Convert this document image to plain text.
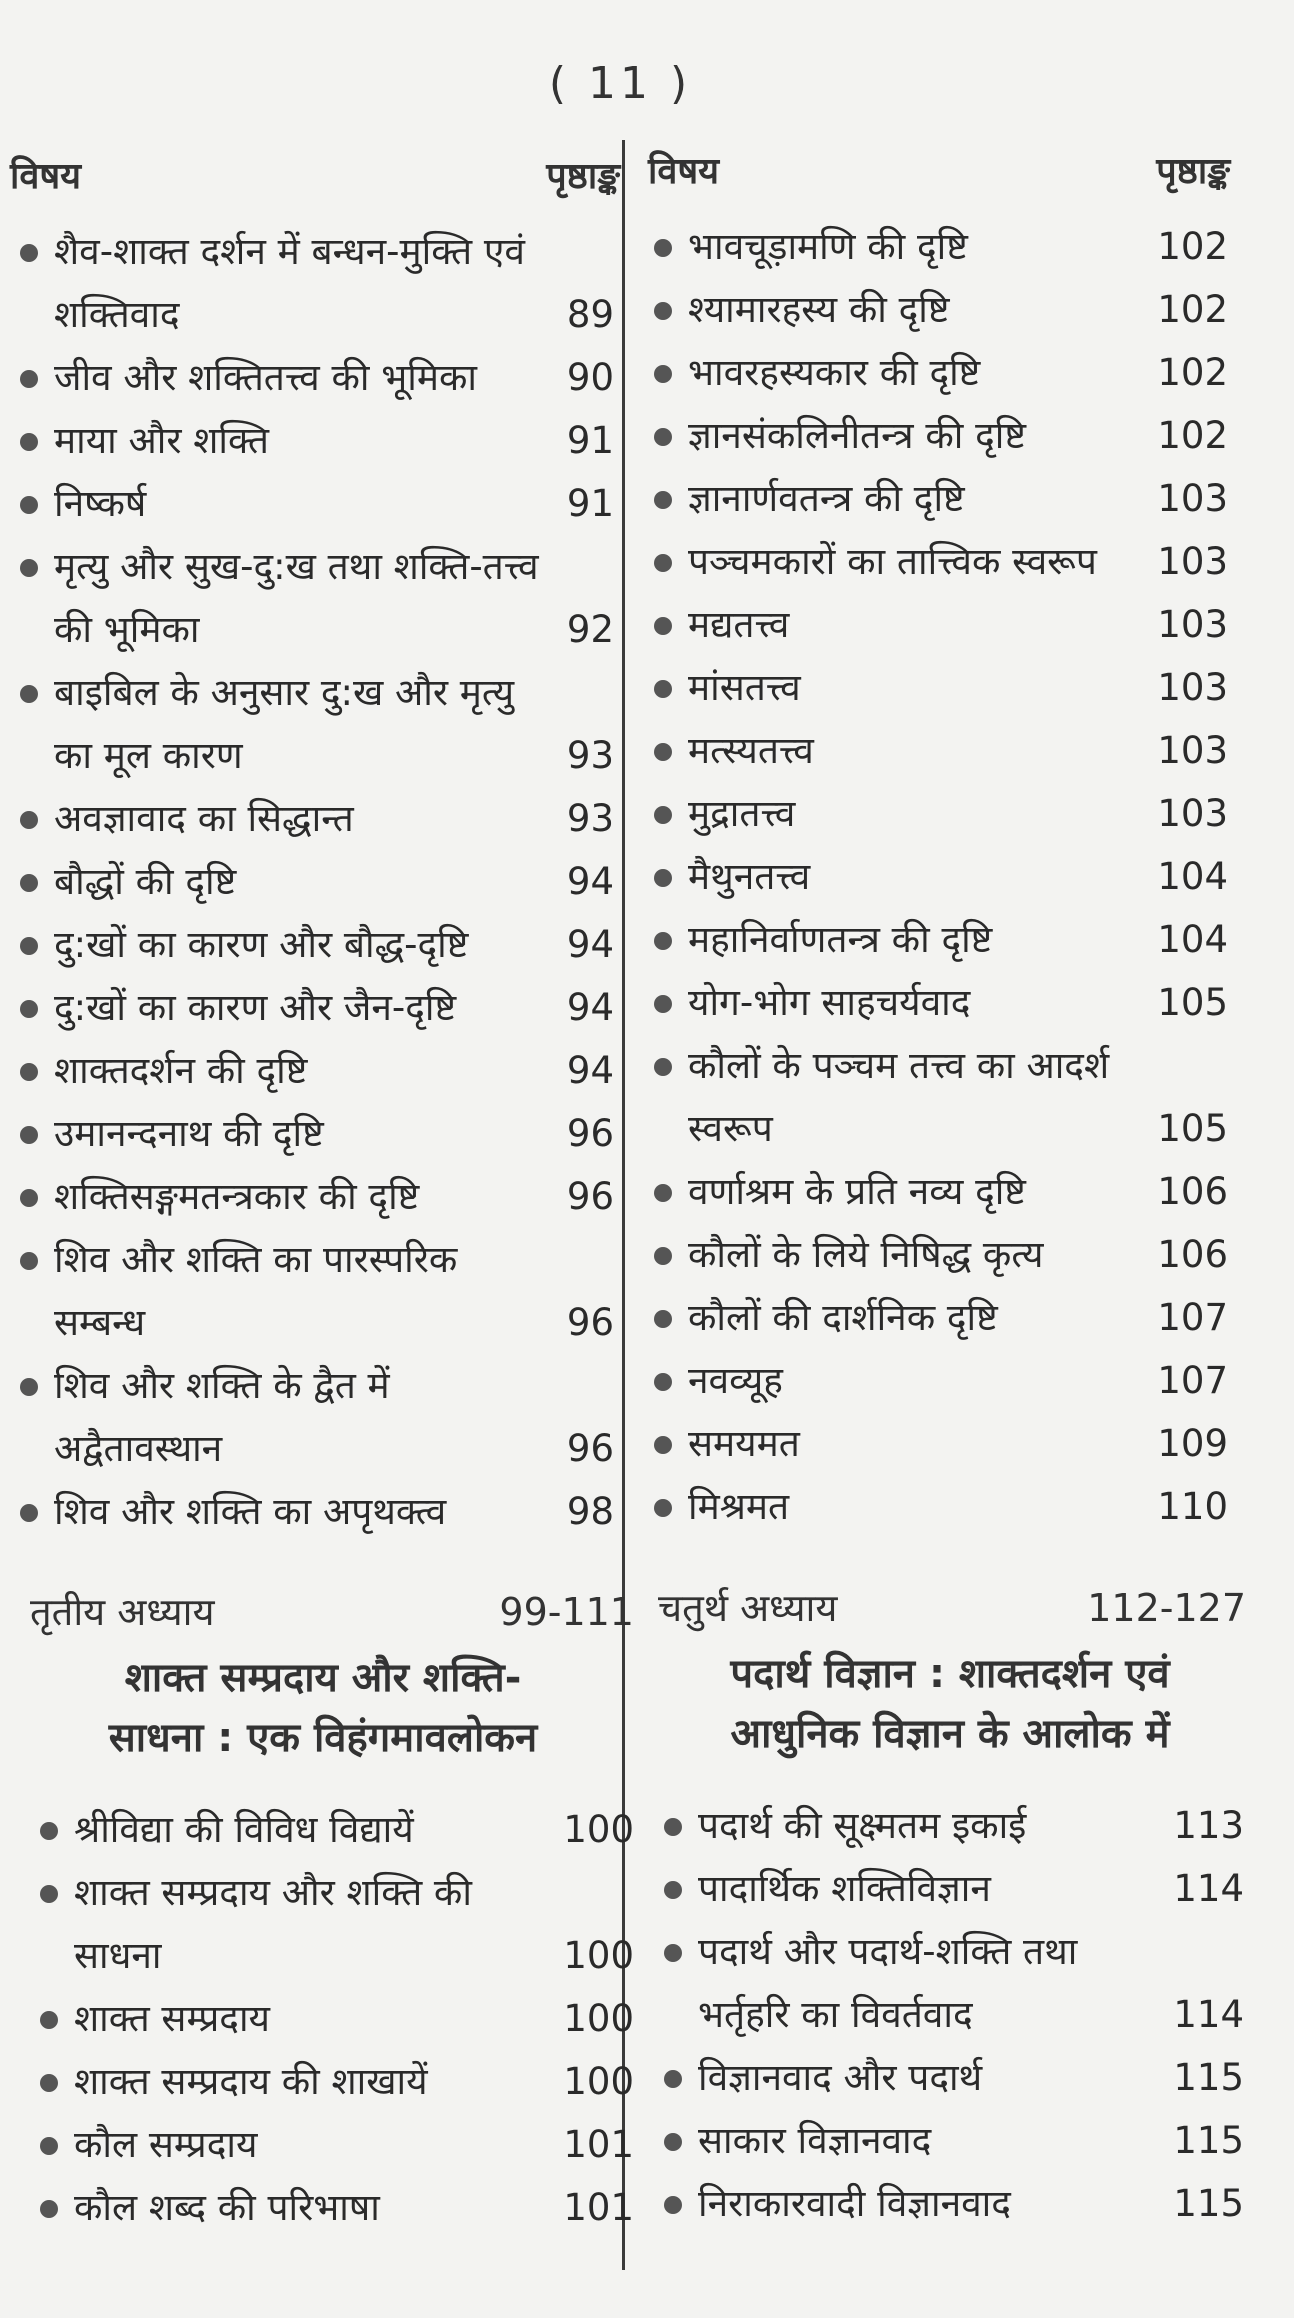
( 11 )
विषय	पृष्ठाङ्क
शैव-शाक्त दर्शन में बन्धन-मुक्ति एवं शक्तिवाद	89
जीव और शक्तितत्त्व की भूमिका	90
माया और शक्ति	91
निष्कर्ष	91
मृत्यु और सुख-दु:ख तथा शक्ति-तत्त्व की भूमिका	92
बाइबिल के अनुसार दु:ख और मृत्यु का मूल कारण	93
अवज्ञावाद का सिद्धान्त	93
बौद्धों की दृष्टि	94
दु:खों का कारण और बौद्ध-दृष्टि	94
दु:खों का कारण और जैन-दृष्टि	94
शाक्तदर्शन की दृष्टि	94
उमानन्दनाथ की दृष्टि	96
शक्तिसङ्गमतन्त्रकार की दृष्टि	96
शिव और शक्ति का पारस्परिक सम्बन्ध	96
शिव और शक्ति के द्वैत में अद्वैतावस्थान	96
शिव और शक्ति का अपृथक्त्व	98
विषय	पृष्ठाङ्क
भावचूड़ामणि की दृष्टि	102
श्यामारहस्य की दृष्टि	102
भावरहस्यकार की दृष्टि	102
ज्ञानसंकलिनीतन्त्र की दृष्टि	102
ज्ञानार्णवतन्त्र की दृष्टि	103
पञ्चमकारों का तात्त्विक स्वरूप	103
मद्यतत्त्व	103
मांसतत्त्व	103
मत्स्यतत्त्व	103
मुद्रातत्त्व	103
मैथुनतत्त्व	104
महानिर्वाणतन्त्र की दृष्टि	104
योग-भोग साहचर्यवाद	105
कौलों के पञ्चम तत्त्व का आदर्श स्वरूप	105
वर्णाश्रम के प्रति नव्य दृष्टि	106
कौलों के लिये निषिद्ध कृत्य	106
कौलों की दार्शनिक दृष्टि	107
नवव्यूह	107
समयमत	109
मिश्रमत	110
तृतीय अध्याय	99-111
शाक्त सम्प्रदाय और शक्ति-
साधना : एक विहंगमावलोकन
श्रीविद्या की विविध विद्यायें	100
शाक्त सम्प्रदाय और शक्ति की साधना	100
शाक्त सम्प्रदाय	100
शाक्त सम्प्रदाय की शाखायें	100
कौल सम्प्रदाय	101
कौल शब्द की परिभाषा	101
चतुर्थ अध्याय	112-127
पदार्थ विज्ञान : शाक्तदर्शन एवं
आधुनिक विज्ञान के आलोक में
पदार्थ की सूक्ष्मतम इकाई	113
पादार्थिक शक्तिविज्ञान	114
पदार्थ और पदार्थ-शक्ति तथा भर्तृहरि का विवर्तवाद	114
विज्ञानवाद और पदार्थ	115
साकार विज्ञानवाद	115
निराकारवादी विज्ञानवाद	115
